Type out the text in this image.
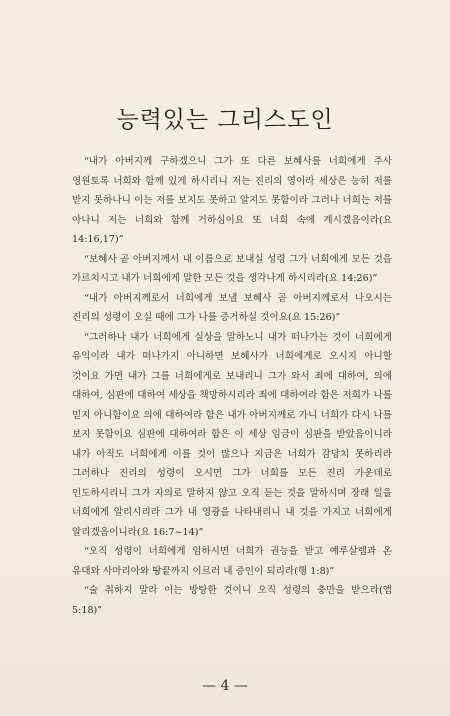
능력있는 그리스도인

“내가 아버지께 구하겠으니 그가 또 다른 보혜사를 너희에게 주사 영원토록 너희와 함께 있게 하시리니 저는 진리의 영이라 세상은 능히 저를 받지 못하나니 이는 저를 보지도 못하고 알지도 못함이라 그러나 너희는 저를 아나니 저는 너희와 함께 거하심이요 또 너희 속에 계시겠음이라(요 14:16,17)”

“보혜사 곧 아버지께서 내 이름으로 보내실 성령 그가 너희에게 모든 것을 가르치시고 내가 너희에게 말한 모든 것을 생각나게 하시리라(요 14:26)”

“내가 아버지께로서 너희에게 보낼 보혜사 곧 아버지께로서 나오시는 진리의 성령이 오실 때에 그가 나를 증거하실 것이요(요 15:26)”

“그러하나 내가 너희에게 실상을 말하노니 내가 떠나가는 것이 너희에게 유익이라 내가 떠나가지 아니하면 보혜사가 너희에게로 오시지 아니할 것이요 가면 내가 그를 너희에게로 보내리니 그가 와서 죄에 대하여, 의에 대하여, 심판에 대하여 세상을 책망하시리라 죄에 대하여라 함은 저희가 나를 믿지 아니함이요 의에 대하여라 함은 내가 아버지께로 가니 너희가 다시 나를 보지 못함이요 심판에 대하여라 함은 이 세상 임금이 심판을 받았음이니라 내가 아직도 너희에게 이를 것이 많으나 지금은 너희가 감당치 못하리라 그러하나 진리의 성령이 오시면 그가 너희를 모든 진리 가운데로 인도하시리니 그가 자의로 말하지 않고 오직 듣는 것을 말하시며 장래 일을 너희에게 알리시리라 그가 내 영광을 나타내리니 내 것을 가지고 너희에게 알리겠음이니라(요 16:7~14)”

“오직 성령이 너희에게 임하시면 너희가 권능을 받고 예루살렘과 온 유대와 사마리아와 땅끝까지 이르러 내 증인이 되리라(행 1:8)”

“술 취하지 말라 이는 방탕한 것이니 오직 성령의 충만을 받으라(엡 5:18)”

— 4 —
